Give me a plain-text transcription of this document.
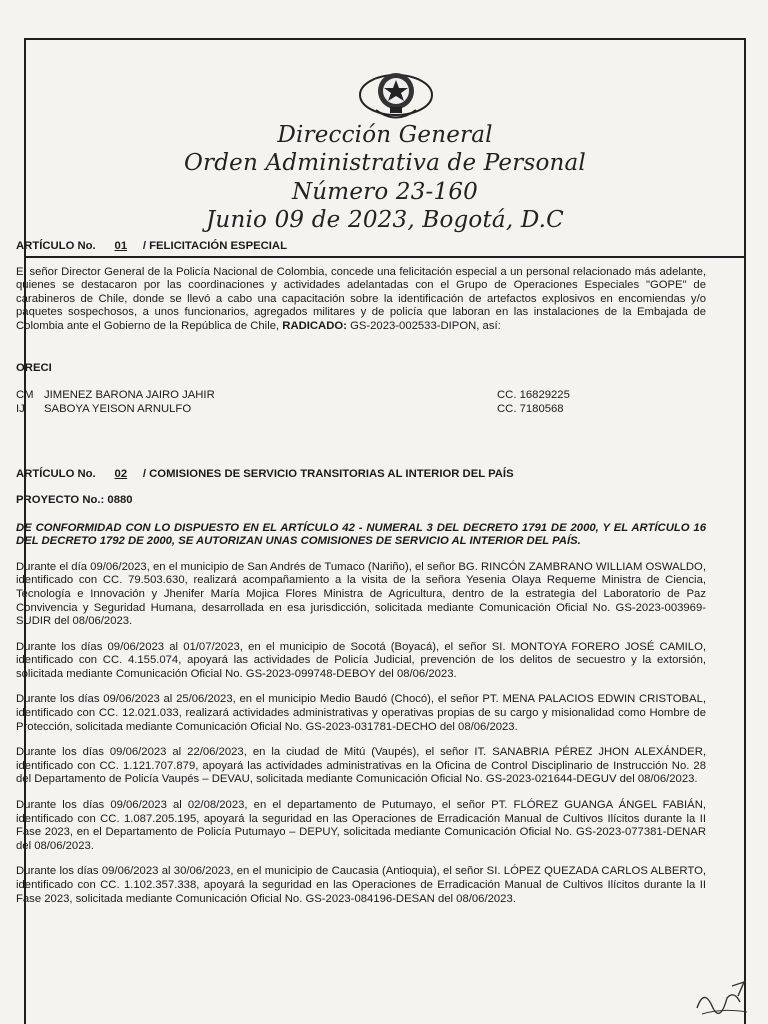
Dirección General
Orden Administrativa de Personal
Número 23-160
Junio 09 de 2023, Bogotá, D.C

ARTÍCULO No. 01 / FELICITACIÓN ESPECIAL

El señor Director General de la Policía Nacional de Colombia, concede una felicitación especial a un personal relacionado más adelante, quienes se destacaron por las coordinaciones y actividades adelantadas con el Grupo de Operaciones Especiales "GOPE" de carabineros de Chile, donde se llevó a cabo una capacitación sobre la identificación de artefactos explosivos en encomiendas y/o paquetes sospechosos, a unos funcionarios, agregados militares y de policía que laboran en las instalaciones de la Embajada de Colombia ante el Gobierno de la República de Chile, RADICADO: GS-2023-002533-DIPON, así:

ORECI

CM JIMENEZ BARONA JAIRO JAHIR	CC. 16829225

IJ	SABOYA YEISON ARNULFO	CC. 7180568

ARTÍCULO No. 02 / COMISIONES DE SERVICIO TRANSITORIAS AL INTERIOR DEL PAÍS

PROYECTO No.: 0880

DE CONFORMIDAD CON LO DISPUESTO EN EL ARTÍCULO 42 - NUMERAL 3 DEL DECRETO 1791 DE 2000, Y EL ARTÍCULO 16 DEL DECRETO 1792 DE 2000, SE AUTORIZAN UNAS COMISIONES DE SERVICIO AL INTERIOR DEL PAÍS.

Durante el día 09/06/2023, en el municipio de San Andrés de Tumaco (Nariño), el señor BG. RINCÓN ZAMBRANO WILLIAM OSWALDO, identificado con CC. 79.503.630, realizará acompañamiento a la visita de la señora Yesenia Olaya Requeme Ministra de Ciencia, Tecnología e Innovación y Jhenifer María Mojica Flores Ministra de Agricultura, dentro de la estrategia del Laboratorio de Paz Convivencia y Seguridad Humana, desarrollada en esa jurisdicción, solicitada mediante Comunicación Oficial No. GS-2023-003969-SUDIR del 08/06/2023.

Durante los días 09/06/2023 al 01/07/2023, en el municipio de Socotá (Boyacá), el señor SI. MONTOYA FORERO JOSÉ CAMILO, identificado con CC. 4.155.074, apoyará las actividades de Policía Judicial, prevención de los delitos de secuestro y la extorsión, solicitada mediante Comunicación Oficial No. GS-2023-099748-DEBOY del 08/06/2023.

Durante los días 09/06/2023 al 25/06/2023, en el municipio Medio Baudó (Chocó), el señor PT. MENA PALACIOS EDWIN CRISTOBAL, identificado con CC. 12.021.033, realizará actividades administrativas y operativas propias de su cargo y misionalidad como Hombre de Protección, solicitada mediante Comunicación Oficial No. GS-2023-031781-DECHO del 08/06/2023.

Durante los días 09/06/2023 al 22/06/2023, en la ciudad de Mitú (Vaupés), el señor IT. SANABRIA PÉREZ JHON ALEXÁNDER, identificado con CC. 1.121.707.879, apoyará las actividades administrativas en la Oficina de Control Disciplinario de Instrucción No. 28 del Departamento de Policía Vaupés – DEVAU, solicitada mediante Comunicación Oficial No. GS-2023-021644-DEGUV del 08/06/2023.

Durante los días 09/06/2023 al 02/08/2023, en el departamento de Putumayo, el señor PT. FLÓREZ GUANGA ÁNGEL FABIÁN, identificado con CC. 1.087.205.195, apoyará la seguridad en las Operaciones de Erradicación Manual de Cultivos Ilícitos durante la II Fase 2023, en el Departamento de Policía Putumayo – DEPUY, solicitada mediante Comunicación Oficial No. GS-2023-077381-DENAR del 08/06/2023.

Durante los días 09/06/2023 al 30/06/2023, en el municipio de Caucasia (Antioquia), el señor SI. LÓPEZ QUEZADA CARLOS ALBERTO, identificado con CC. 1.102.357.338, apoyará la seguridad en las Operaciones de Erradicación Manual de Cultivos Ilícitos durante la II Fase 2023, solicitada mediante Comunicación Oficial No. GS-2023-084196-DESAN del 08/06/2023.
